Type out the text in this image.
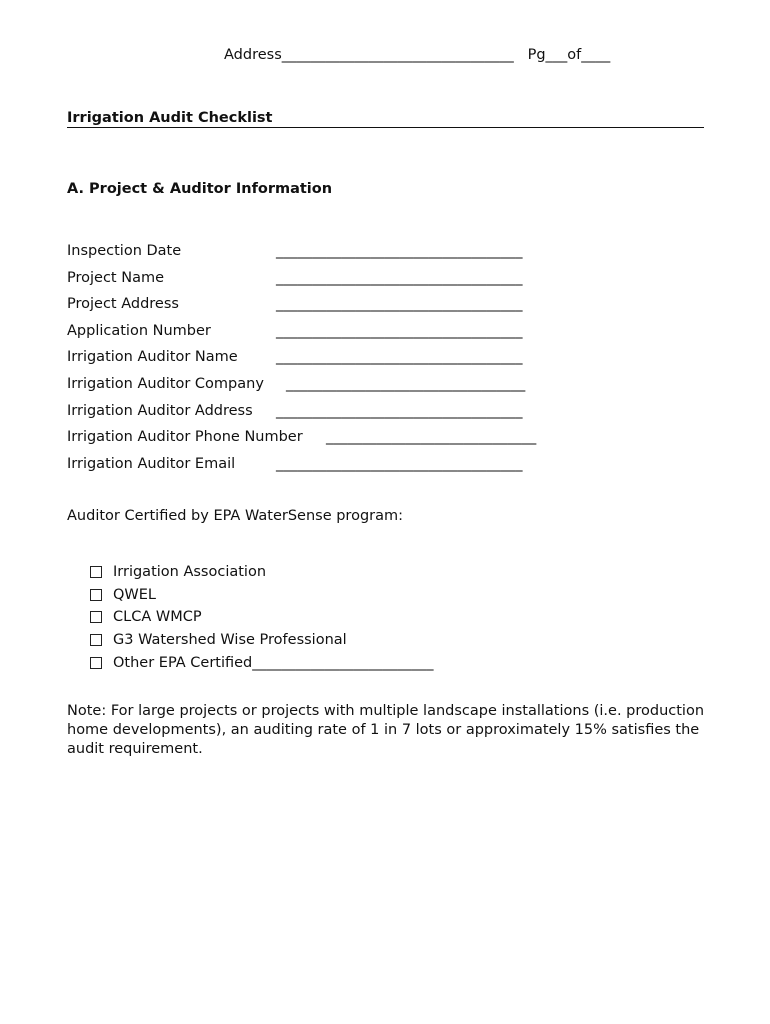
Address________________________________ Pg___of____
Irrigation Audit Checklist
A. Project & Auditor Information
Inspection Date	__________________________________
Project Name	__________________________________
Project Address	__________________________________
Application Number	__________________________________
Irrigation Auditor Name	__________________________________
Irrigation Auditor Company _________________________________
Irrigation Auditor Address __________________________________
Irrigation Auditor Phone Number _____________________________
Irrigation Auditor Email	__________________________________
Auditor Certified by EPA WaterSense program:
Irrigation Association
QWEL
CLCA WMCP
G3 Watershed Wise Professional
Other EPA Certified _________________________
Note: For large projects or projects with multiple landscape installations (i.e. production home developments), an auditing rate of 1 in 7 lots or approximately 15% satisfies the audit requirement.
